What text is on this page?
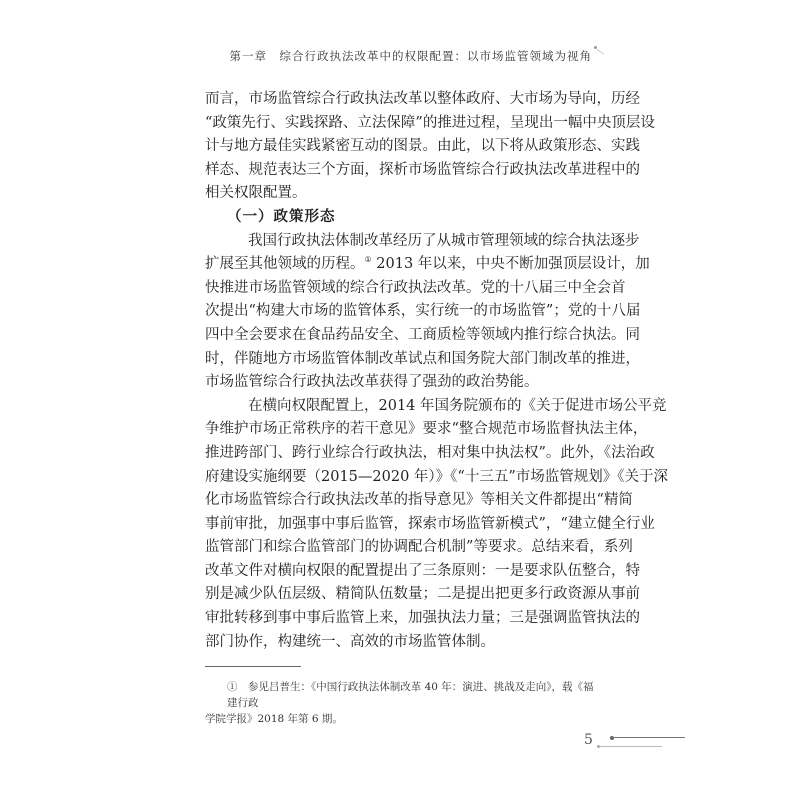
第一章　综合行政执法改革中的权限配置：以市场监管领域为视角
而言，市场监管综合行政执法改革以整体政府、大市场为导向，历经
“政策先行、实践探路、立法保障”的推进过程，呈现出一幅中央顶层设
计与地方最佳实践紧密互动的图景。由此，以下将从政策形态、实践
样态、规范表达三个方面，探析市场监管综合行政执法改革进程中的
相关权限配置。
（一）政策形态
我国行政执法体制改革经历了从城市管理领域的综合执法逐步
扩展至其他领域的历程。① 2013 年以来，中央不断加强顶层设计，加
快推进市场监管领域的综合行政执法改革。党的十八届三中全会首
次提出“构建大市场的监管体系，实行统一的市场监管”；党的十八届
四中全会要求在食品药品安全、工商质检等领域内推行综合执法。同
时，伴随地方市场监管体制改革试点和国务院大部门制改革的推进，
市场监管综合行政执法改革获得了强劲的政治势能。
在横向权限配置上，2014 年国务院颁布的《关于促进市场公平竞
争维护市场正常秩序的若干意见》要求“整合规范市场监督执法主体，
推进跨部门、跨行业综合行政执法，相对集中执法权”。此外，《法治政
府建设实施纲要（2015—2020 年）》《“十三五”市场监管规划》《关于深
化市场监管综合行政执法改革的指导意见》等相关文件都提出“精简
事前审批，加强事中事后监管，探索市场监管新模式”，“建立健全行业
监管部门和综合监管部门的协调配合机制”等要求。总结来看，系列
改革文件对横向权限的配置提出了三条原则：一是要求队伍整合，特
别是减少队伍层级、精简队伍数量；二是提出把更多行政资源从事前
审批转移到事中事后监管上来，加强执法力量；三是强调监管执法的
部门协作，构建统一、高效的市场监管体制。
①　参见吕普生：《中国行政执法体制改革 40 年：演进、挑战及走向》，载《福建行政
学院学报》2018 年第 6 期。
5
